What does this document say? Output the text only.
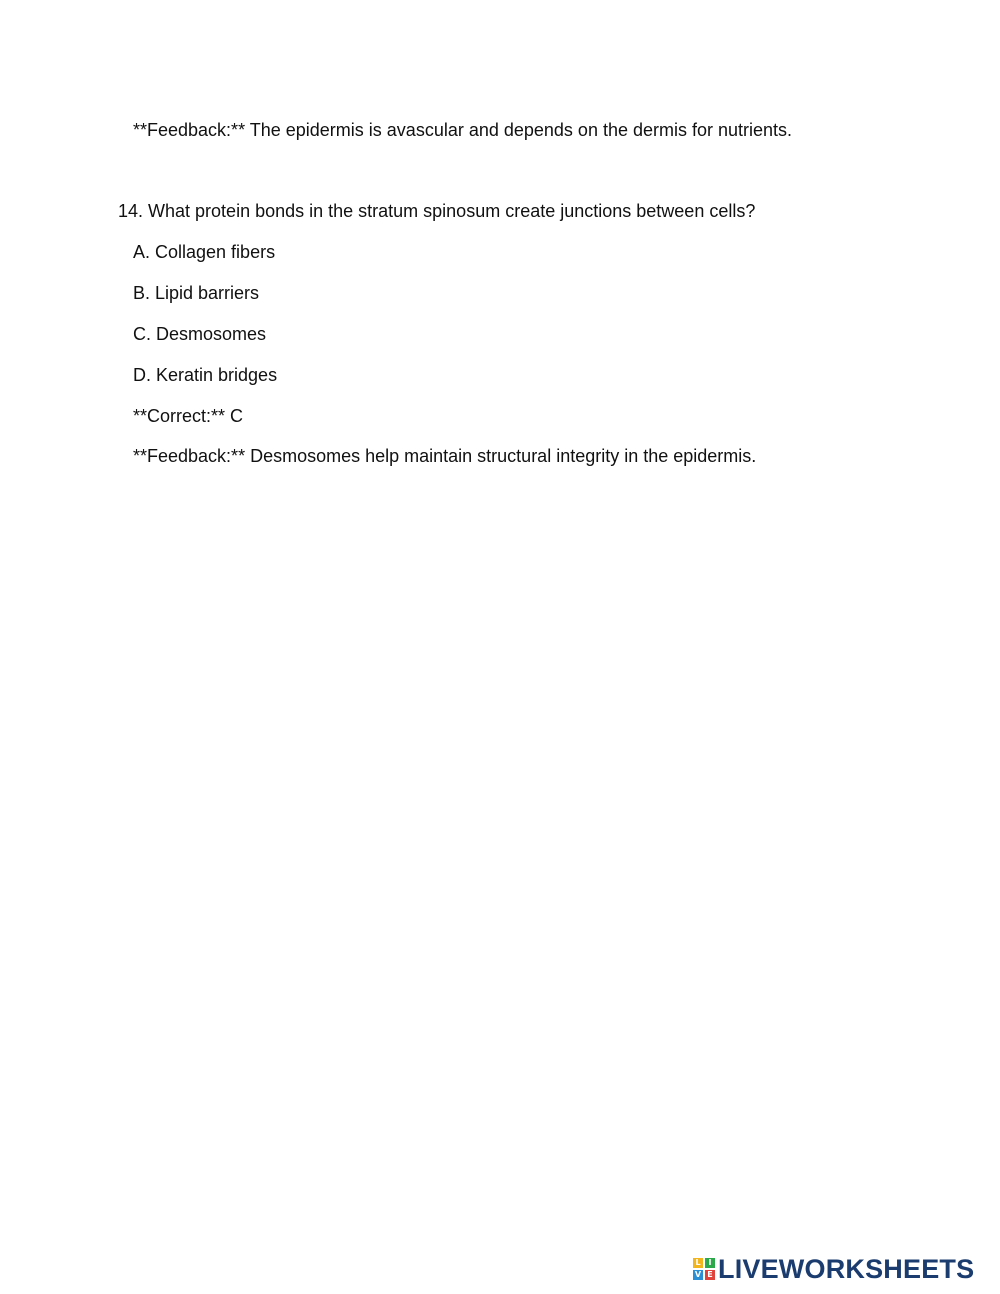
**Feedback:** The epidermis is avascular and depends on the dermis for nutrients.
14. What protein bonds in the stratum spinosum create junctions between cells?
A. Collagen fibers
B. Lipid barriers
C. Desmosomes
D. Keratin bridges
**Correct:** C
**Feedback:** Desmosomes help maintain structural integrity in the epidermis.
L I
V E LIVEWORKSHEETS
